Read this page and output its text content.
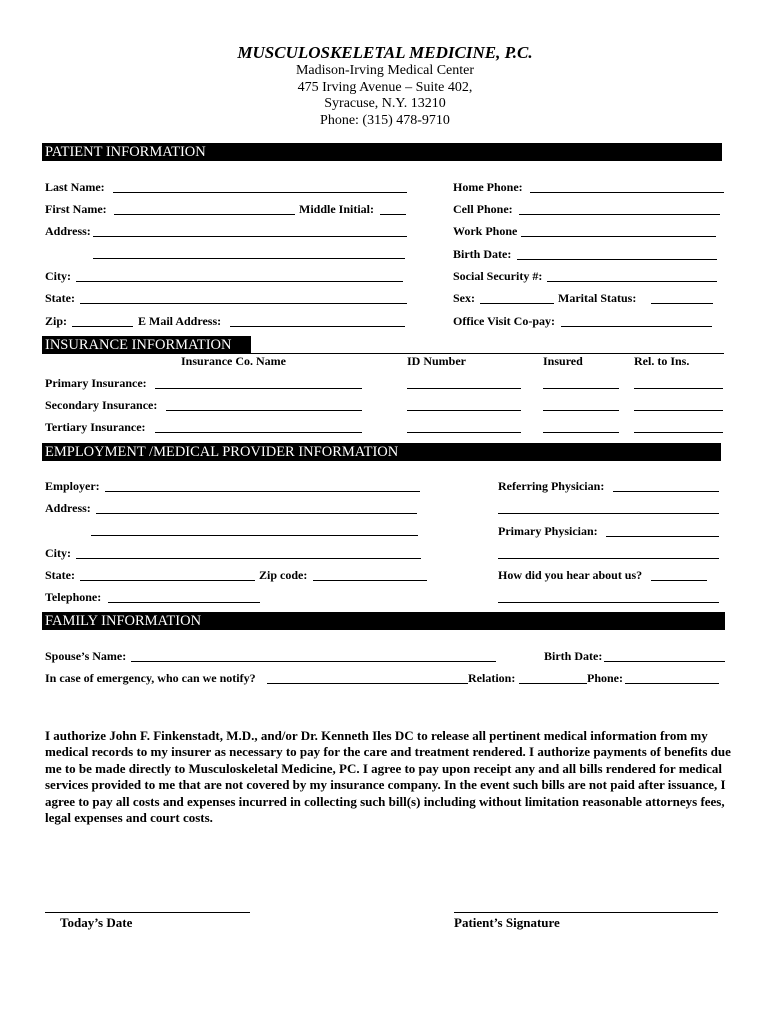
MUSCULOSKELETAL MEDICINE, P.C.
Madison-Irving Medical Center
475 Irving Avenue – Suite 402,
Syracuse, N.Y. 13210
Phone: (315) 478-9710
PATIENT INFORMATION
Last Name:
First Name:	Middle Initial:
Address:
City:
State:
Zip:	E Mail Address:
Home Phone:
Cell Phone:
Work Phone
Birth Date:
Social Security #:
Sex:	Marital Status:
Office Visit Co-pay:
INSURANCE INFORMATION
Insurance Co. Name	ID Number	Insured	Rel. to Ins.
Primary Insurance:
Secondary Insurance:
Tertiary Insurance:
EMPLOYMENT /MEDICAL PROVIDER INFORMATION
Employer:
Address:
City:
State:	Zip code:
Telephone:
Referring Physician:
Primary Physician:
How did you hear about us?
FAMILY INFORMATION
Spouse’s Name:	Birth Date:
In case of emergency, who can we notify?	Relation:	Phone:
I authorize John F. Finkenstadt, M.D., and/or Dr. Kenneth Iles DC to release all pertinent medical information from my medical records to my insurer as necessary to pay for the care and treatment rendered. I authorize payments of benefits due me to be made directly to Musculoskeletal Medicine, PC. I agree to pay upon receipt any and all bills rendered for medical services provided to me that are not covered by my insurance company. In the event such bills are not paid after issuance, I agree to pay all costs and expenses incurred in collecting such bill(s) including without limitation reasonable attorneys fees, legal expenses and court costs.
Today’s Date	Patient’s Signature
